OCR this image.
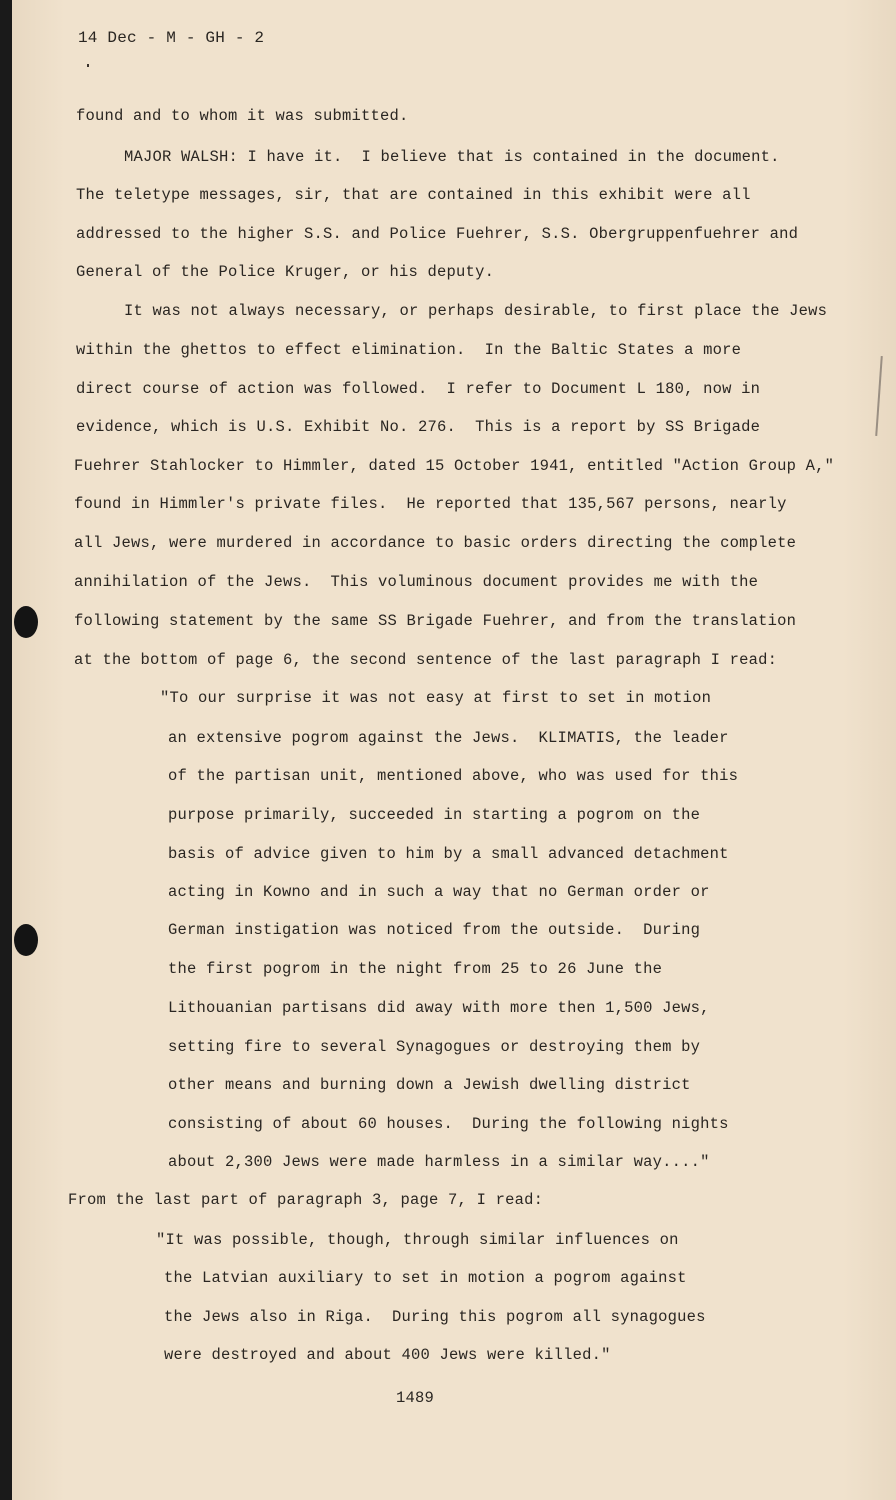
14 Dec - M - GH - 2
found and to whom it was submitted.
MAJOR WALSH: I have it.  I believe that is contained in the document.
The teletype messages, sir, that are contained in this exhibit were all
addressed to the higher S.S. and Police Fuehrer, S.S. Obergruppenfuehrer and
General of the Police Kruger, or his deputy.
It was not always necessary, or perhaps desirable, to first place the Jews
within the ghettos to effect elimination.  In the Baltic States a more
direct course of action was followed.  I refer to Document L 180, now in
evidence, which is U.S. Exhibit No. 276.  This is a report by SS Brigade
Fuehrer Stahlocker to Himmler, dated 15 October 1941, entitled "Action Group A,"
found in Himmler's private files.  He reported that 135,567 persons, nearly
all Jews, were murdered in accordance to basic orders directing the complete
annihilation of the Jews.  This voluminous document provides me with the
following statement by the same SS Brigade Fuehrer, and from the translation
at the bottom of page 6, the second sentence of the last paragraph I read:
"To our surprise it was not easy at first to set in motion
an extensive pogrom against the Jews.  KLIMATIS, the leader
of the partisan unit, mentioned above, who was used for this
purpose primarily, succeeded in starting a pogrom on the
basis of advice given to him by a small advanced detachment
acting in Kowno and in such a way that no German order or
German instigation was noticed from the outside.  During
the first pogrom in the night from 25 to 26 June the
Lithouanian partisans did away with more then 1,500 Jews,
setting fire to several Synagogues or destroying them by
other means and burning down a Jewish dwelling district
consisting of about 60 houses.  During the following nights
about 2,300 Jews were made harmless in a similar way...."
From the last part of paragraph 3, page 7, I read:
"It was possible, though, through similar influences on
the Latvian auxiliary to set in motion a pogrom against
the Jews also in Riga.  During this pogrom all synagogues
were destroyed and about 400 Jews were killed."
1489
